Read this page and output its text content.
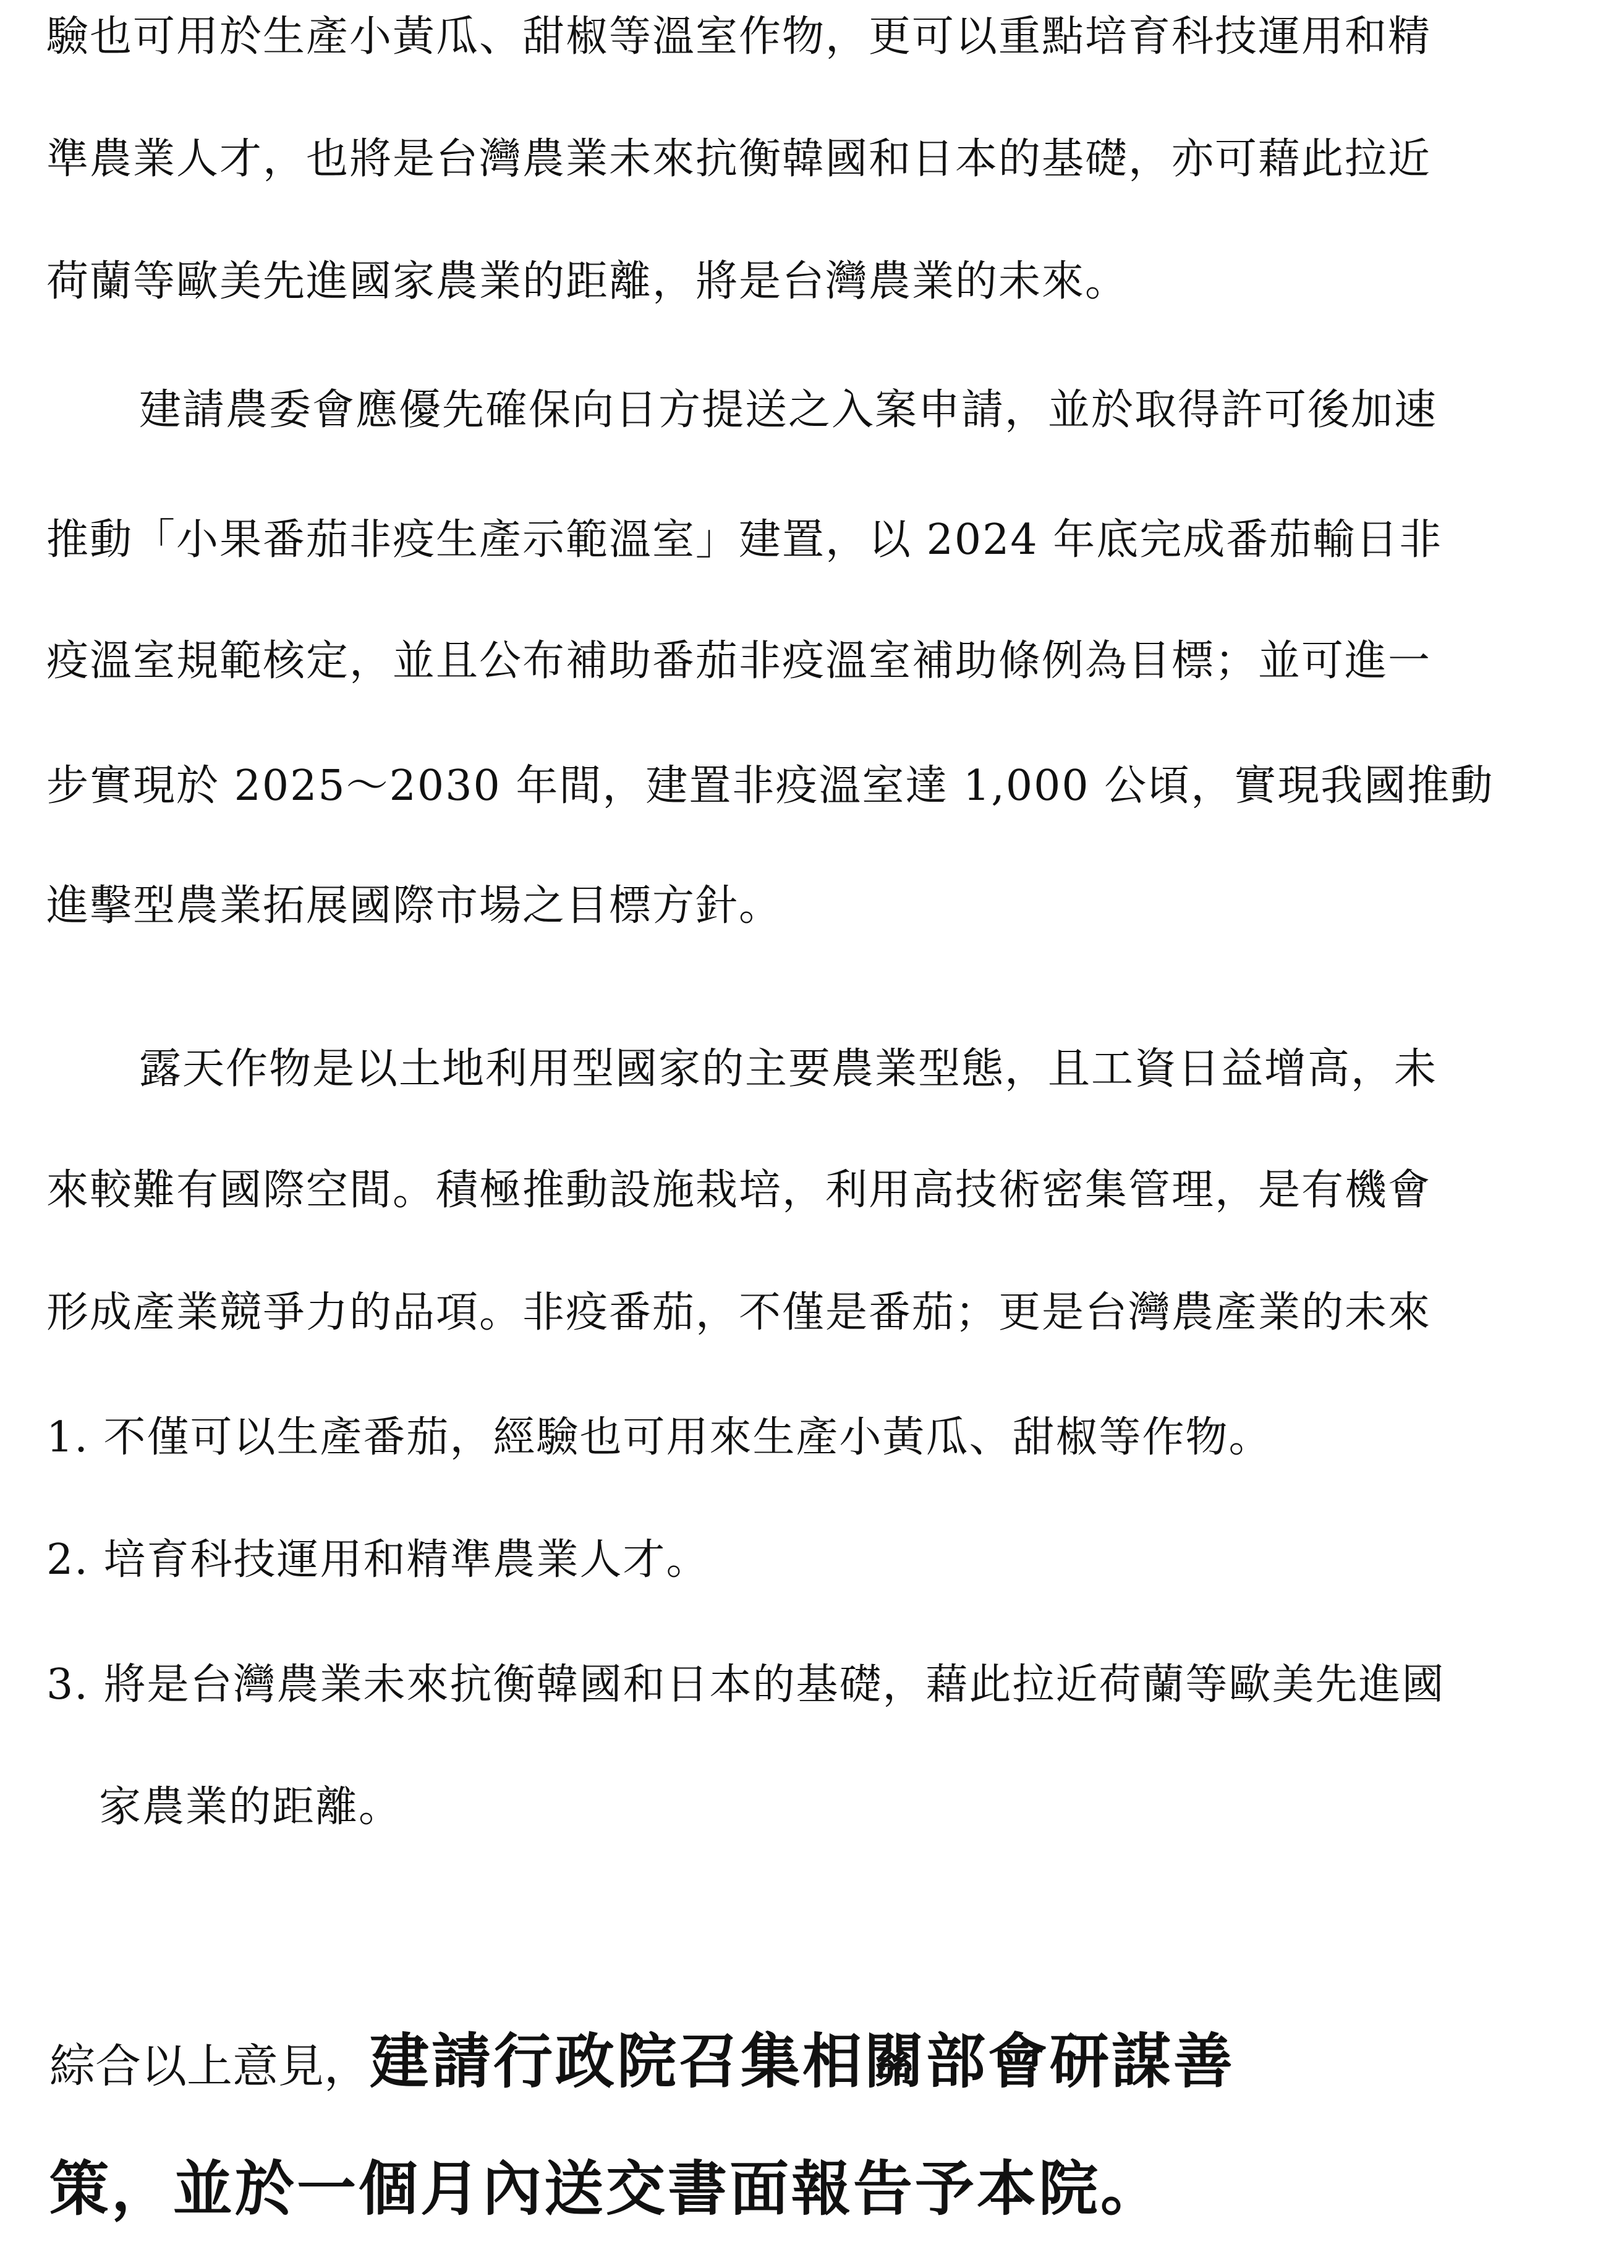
驗也可用於生產小黃瓜、甜椒等溫室作物，更可以重點培育科技運用和精
準農業人才，也將是台灣農業未來抗衡韓國和日本的基礎，亦可藉此拉近
荷蘭等歐美先進國家農業的距離，將是台灣農業的未來。
建請農委會應優先確保向日方提送之入案申請，並於取得許可後加速
推動「小果番茄非疫生產示範溫室」建置，以 2024 年底完成番茄輸日非
疫溫室規範核定，並且公布補助番茄非疫溫室補助條例為目標；並可進一
步實現於 2025～2030 年間，建置非疫溫室達 1,000 公頃，實現我國推動
進擊型農業拓展國際市場之目標方針。
露天作物是以土地利用型國家的主要農業型態，且工資日益增高，未
來較難有國際空間。積極推動設施栽培，利用高技術密集管理，是有機會
形成產業競爭力的品項。非疫番茄，不僅是番茄；更是台灣農產業的未來
1. 不僅可以生產番茄，經驗也可用來生產小黃瓜、甜椒等作物。
2. 培育科技運用和精準農業人才。
3. 將是台灣農業未來抗衡韓國和日本的基礎，藉此拉近荷蘭等歐美先進國
家農業的距離。
綜合以上意見，建請行政院召集相關部會研謀善
策，並於一個月內送交書面報告予本院。
